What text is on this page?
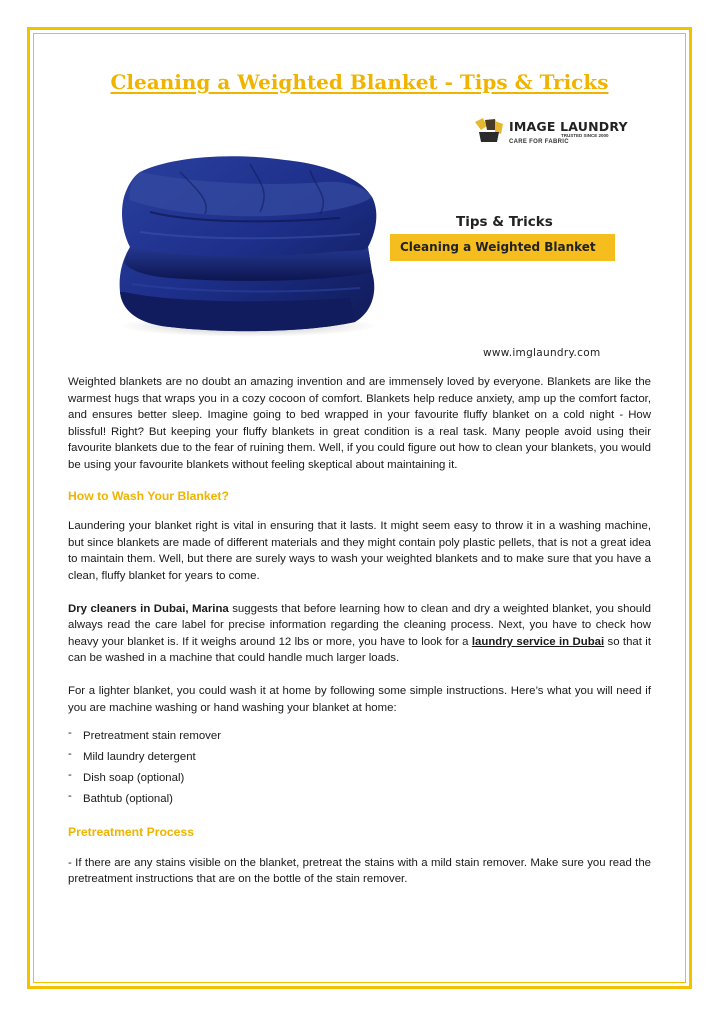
Cleaning a Weighted Blanket - Tips & Tricks
IMAGE LAUNDRY
TRUSTED SINCE 2000
CARE FOR FABRIC
Tips & Tricks
Cleaning a Weighted Blanket
www.imglaundry.com

Weighted blankets are no doubt an amazing invention and are immensely loved by everyone. Blankets are like the warmest hugs that wraps you in a cozy cocoon of comfort. Blankets help reduce anxiety, amp up the comfort factor, and ensures better sleep. Imagine going to bed wrapped in your favourite fluffy blanket on a cold night - How blissful! Right? But keeping your fluffy blankets in great condition is a real task. Many people avoid using their favourite blankets due to the fear of ruining them. Well, if you could figure out how to clean your blankets, you would be using your favourite blankets without feeling skeptical about maintaining it.

How to Wash Your Blanket?

Laundering your blanket right is vital in ensuring that it lasts. It might seem easy to throw it in a washing machine, but since blankets are made of different materials and they might contain poly plastic pellets, that is not a great idea to maintain them. Well, but there are surely ways to wash your weighted blankets and to make sure that you have a clean, fluffy blanket for years to come.

Dry cleaners in Dubai, Marina suggests that before learning how to clean and dry a weighted blanket, you should always read the care label for precise information regarding the cleaning process. Next, you have to check how heavy your blanket is. If it weighs around 12 lbs or more, you have to look for a laundry service in Dubai so that it can be washed in a machine that could handle much larger loads.

For a lighter blanket, you could wash it at home by following some simple instructions. Here’s what you will need if you are machine washing or hand washing your blanket at home:

- Pretreatment stain remover
- Mild laundry detergent
- Dish soap (optional)
- Bathtub (optional)
Pretreatment Process

- If there are any stains visible on the blanket, pretreat the stains with a mild stain remover. Make sure you read the pretreatment instructions that are on the bottle of the stain remover.
